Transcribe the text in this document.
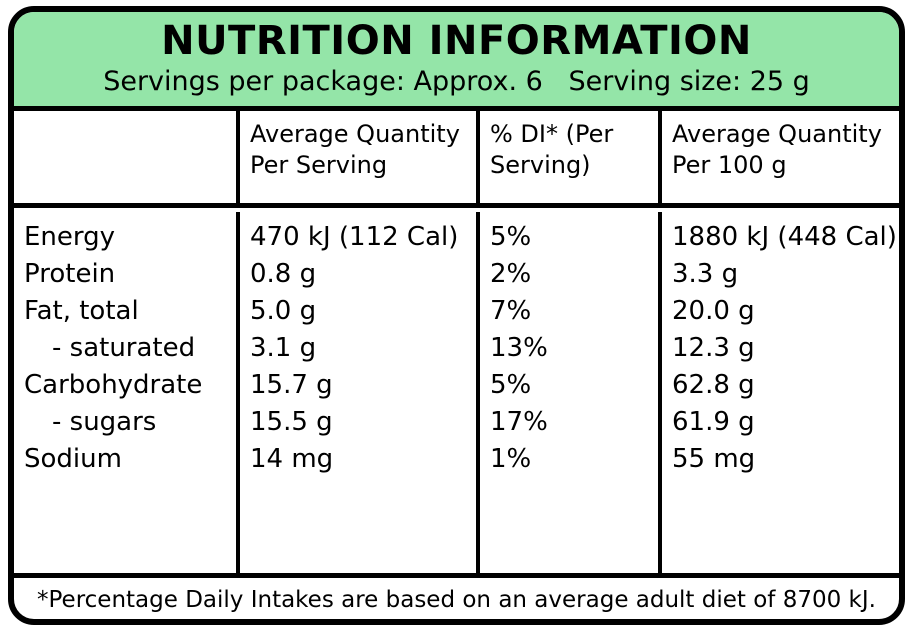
NUTRITION INFORMATION
Servings per package: Approx. 6   Serving size: 25 g
Average Quantity
Per Serving
% DI* (Per
Serving)
Average Quantity
Per 100 g
Energy
Protein
Fat, total
- saturated
Carbohydrate
- sugars
Sodium
470 kJ (112 Cal)
0.8 g
5.0 g
3.1 g
15.7 g
15.5 g
14 mg
5%
2%
7%
13%
5%
17%
1%
1880 kJ (448 Cal)
3.3 g
20.0 g
12.3 g
62.8 g
61.9 g
55 mg
*Percentage Daily Intakes are based on an average adult diet of 8700 kJ.
